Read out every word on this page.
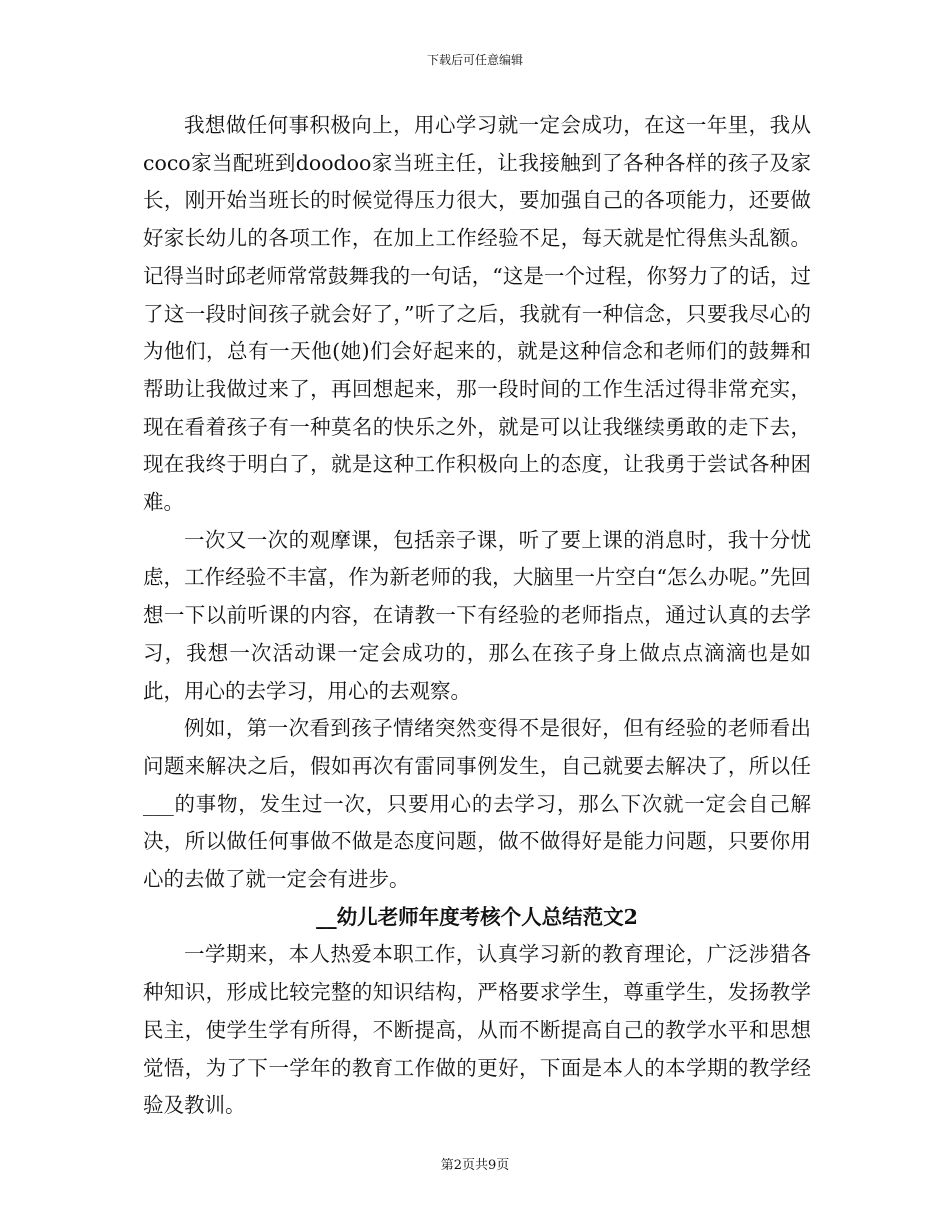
下载后可任意编辑

我想做任何事积极向上，用心学习就一定会成功，在这一年里，我从coco家当配班到doodoo家当班主任，让我接触到了各种各样的孩子及家长，刚开始当班长的时候觉得压力很大，要加强自己的各项能力，还要做好家长幼儿的各项工作，在加上工作经验不足，每天就是忙得焦头乱额。记得当时邱老师常常鼓舞我的一句话，“这是一个过程，你努力了的话，过了这一段时间孩子就会好了，”听了之后，我就有一种信念，只要我尽心的为他们，总有一天他(她)们会好起来的，就是这种信念和老师们的鼓舞和帮助让我做过来了，再回想起来，那一段时间的工作生活过得非常充实，现在看着孩子有一种莫名的快乐之外，就是可以让我继续勇敢的走下去，现在我终于明白了，就是这种工作积极向上的态度，让我勇于尝试各种困难。

一次又一次的观摩课，包括亲子课，听了要上课的消息时，我十分忧虑，工作经验不丰富，作为新老师的我，大脑里一片空白“怎么办呢。”先回想一下以前听课的内容，在请教一下有经验的老师指点，通过认真的去学习，我想一次活动课一定会成功的，那么在孩子身上做点点滴滴也是如此，用心的去学习，用心的去观察。

例如，第一次看到孩子情绪突然变得不是很好，但有经验的老师看出问题来解决之后，假如再次有雷同事例发生，自己就要去解决了，所以任___的事物，发生过一次，只要用心的去学习，那么下次就一定会自己解决，所以做任何事做不做是态度问题，做不做得好是能力问题，只要你用心的去做了就一定会有进步。

__幼儿老师年度考核个人总结范文2

一学期来，本人热爱本职工作，认真学习新的教育理论，广泛涉猎各种知识，形成比较完整的知识结构，严格要求学生，尊重学生，发扬教学民主，使学生学有所得，不断提高，从而不断提高自己的教学水平和思想觉悟，为了下一学年的教育工作做的更好，下面是本人的本学期的教学经验及教训。

第2页共9页
